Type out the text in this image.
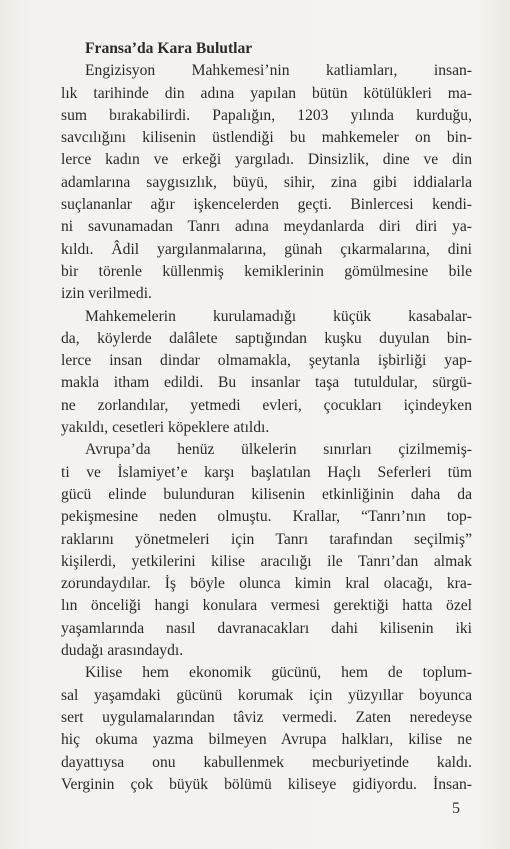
Fransa’da Kara Bulutlar
Engizisyon Mahkemesi’nin katliamları, insan-
lık tarihinde din adına yapılan bütün kötülükleri ma-
sum bırakabilirdi. Papalığın, 1203 yılında kurduğu,
savcılığını kilisenin üstlendiği bu mahkemeler on bin-
lerce kadın ve erkeği yargıladı. Dinsizlik, dine ve din
adamlarına saygısızlık, büyü, sihir, zina gibi iddialarla
suçlananlar ağır işkencelerden geçti. Binlercesi kendi-
ni savunamadan Tanrı adına meydanlarda diri diri ya-
kıldı. Âdil yargılanmalarına, günah çıkarmalarına, dini
bir törenle küllenmiş kemiklerinin gömülmesine bile
izin verilmedi.
Mahkemelerin kurulamadığı küçük kasabalar-
da, köylerde dalâlete saptığından kuşku duyulan bin-
lerce insan dindar olmamakla, şeytanla işbirliği yap-
makla itham edildi. Bu insanlar taşa tutuldular, sürgü-
ne zorlandılar, yetmedi evleri, çocukları içindeyken
yakıldı, cesetleri köpeklere atıldı.
Avrupa’da henüz ülkelerin sınırları çizilmemiş-
ti ve İslamiyet’e karşı başlatılan Haçlı Seferleri tüm
gücü elinde bulunduran kilisenin etkinliğinin daha da
pekişmesine neden olmuştu. Krallar, “Tanrı’nın top-
raklarını yönetmeleri için Tanrı tarafından seçilmiş”
kişilerdi, yetkilerini kilise aracılığı ile Tanrı’dan almak
zorundaydılar. İş böyle olunca kimin kral olacağı, kra-
lın önceliği hangi konulara vermesi gerektiği hatta özel
yaşamlarında nasıl davranacakları dahi kilisenin iki
dudağı arasındaydı.
Kilise hem ekonomik gücünü, hem de toplum-
sal yaşamdaki gücünü korumak için yüzyıllar boyunca
sert uygulamalarından tâviz vermedi. Zaten neredeyse
hiç okuma yazma bilmeyen Avrupa halkları, kilise ne
dayattıysa onu kabullenmek mecburiyetinde kaldı.
Verginin çok büyük bölümü kiliseye gidiyordu. İnsan-
5
